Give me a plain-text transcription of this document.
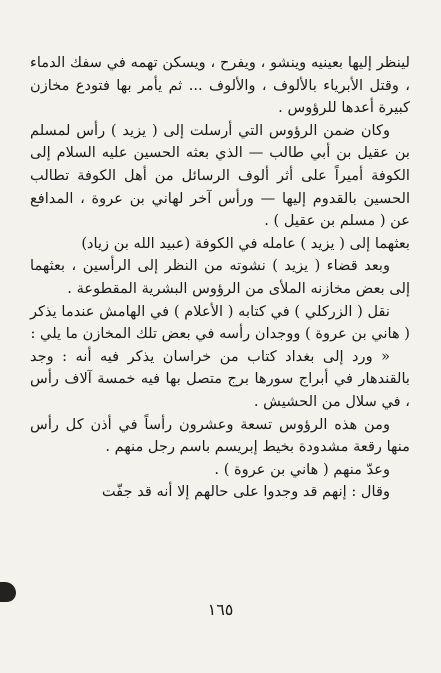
لينظر إليها بعينيه وينشو ، ويفرح ، ويسكن تهمه في سفك الدماء ، وقتل الأبرياء بالألوف ، والألوف ... ثم يأمر بها فتودع مخازن كبيرة أعدها للرؤوس .

وكان ضمن الرؤوس التي أرسلت إلى ( يزيد ) رأس لمسلم بن عقيل بن أبي طالب — الذي بعثه الحسين عليه السلام إلى الكوفة أميراً على أثر ألوف الرسائل من أهل الكوفة تطالب الحسين بالقدوم إليها — ورأس آخر لهاني بن عروة ، المدافع عن ( مسلم بن عقيل ) .

بعثهما إلى ( يزيد ) عامله في الكوفة (عبيد الله بن زياد)

وبعد قضاء ( يزيد ) نشوته من النظر إلى الرأسين ، بعثهما إلى بعض مخازنه الملأى من الرؤوس البشرية المقطوعة .

نقل ( الزركلي ) في كتابه ( الأعلام ) في الهامش عندما يذكر ( هاني بن عروة ) ووجدان رأسه في بعض تلك المخازن ما يلي :

« ورد إلى بغداد كتاب من خراسان يذكر فيه أنه : وجد بالقندهار في أبراج سورها برج متصل بها فيه خمسة آلاف رأس ، في سلال من الحشيش .

ومن هذه الرؤوس تسعة وعشرون رأساً في أذن كل رأس منها رقعة مشدودة بخيط إبريسم باسم رجل منهم .

وعدّ منهم ( هاني بن عروة ) .

وقال : إنهم قد وجدوا على حالهم إلا أنه قد جفّت

١٦٥
